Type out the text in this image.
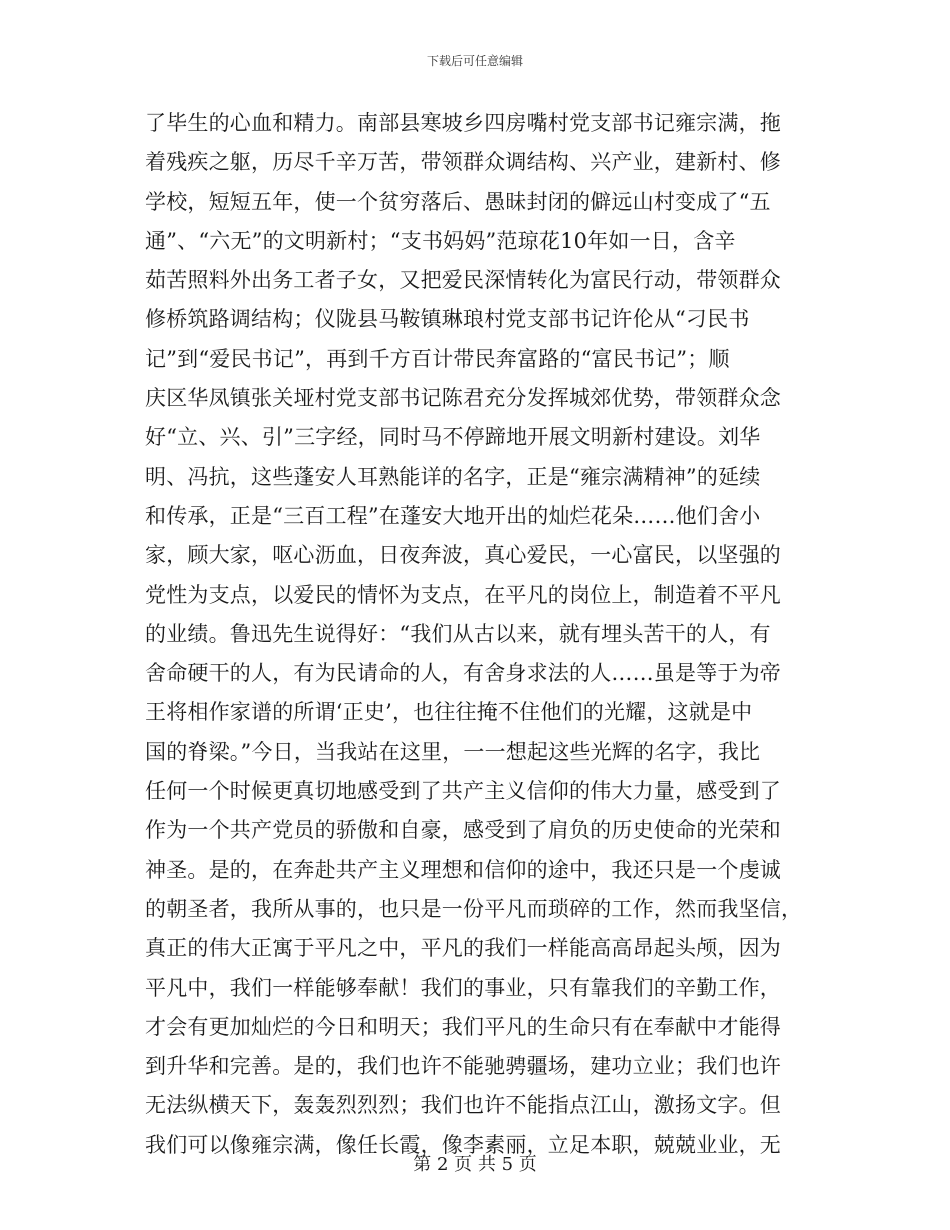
下载后可任意编辑
了毕生的心血和精力。南部县寒坡乡四房嘴村党支部书记雍宗满，拖
着残疾之躯，历尽千辛万苦，带领群众调结构、兴产业，建新村、修
学校，短短五年，使一个贫穷落后、愚昧封闭的僻远山村变成了“五
通”、“六无”的文明新村；“支书妈妈”范琼花10年如一日，含辛
茹苦照料外出务工者子女，又把爱民深情转化为富民行动，带领群众
修桥筑路调结构；仪陇县马鞍镇琳琅村党支部书记许伦从“刁民书
记”到“爱民书记”，再到千方百计带民奔富路的“富民书记”；顺
庆区华凤镇张关垭村党支部书记陈君充分发挥城郊优势，带领群众念
好“立、兴、引”三字经，同时马不停蹄地开展文明新村建设。刘华
明、冯抗，这些蓬安人耳熟能详的名字，正是“雍宗满精神”的延续
和传承，正是“三百工程”在蓬安大地开出的灿烂花朵……他们舍小
家，顾大家，呕心沥血，日夜奔波，真心爱民，一心富民，以坚强的
党性为支点，以爱民的情怀为支点，在平凡的岗位上，制造着不平凡
的业绩。鲁迅先生说得好：“我们从古以来，就有埋头苦干的人，有
舍命硬干的人，有为民请命的人，有舍身求法的人……虽是等于为帝
王将相作家谱的所谓‘正史’，也往往掩不住他们的光耀，这就是中
国的脊梁。”今日，当我站在这里，一一想起这些光辉的名字，我比
任何一个时候更真切地感受到了共产主义信仰的伟大力量，感受到了
作为一个共产党员的骄傲和自豪，感受到了肩负的历史使命的光荣和
神圣。是的，在奔赴共产主义理想和信仰的途中，我还只是一个虔诚
的朝圣者，我所从事的，也只是一份平凡而琐碎的工作，然而我坚信，
真正的伟大正寓于平凡之中，平凡的我们一样能高高昂起头颅，因为
平凡中，我们一样能够奉献！我们的事业，只有靠我们的辛勤工作，
才会有更加灿烂的今日和明天；我们平凡的生命只有在奉献中才能得
到升华和完善。是的，我们也许不能驰骋疆场，建功立业；我们也许
无法纵横天下，轰轰烈烈烈；我们也许不能指点江山，激扬文字。但
我们可以像雍宗满，像任长霞，像李素丽，立足本职，兢兢业业，无
第 2 页 共 5 页
